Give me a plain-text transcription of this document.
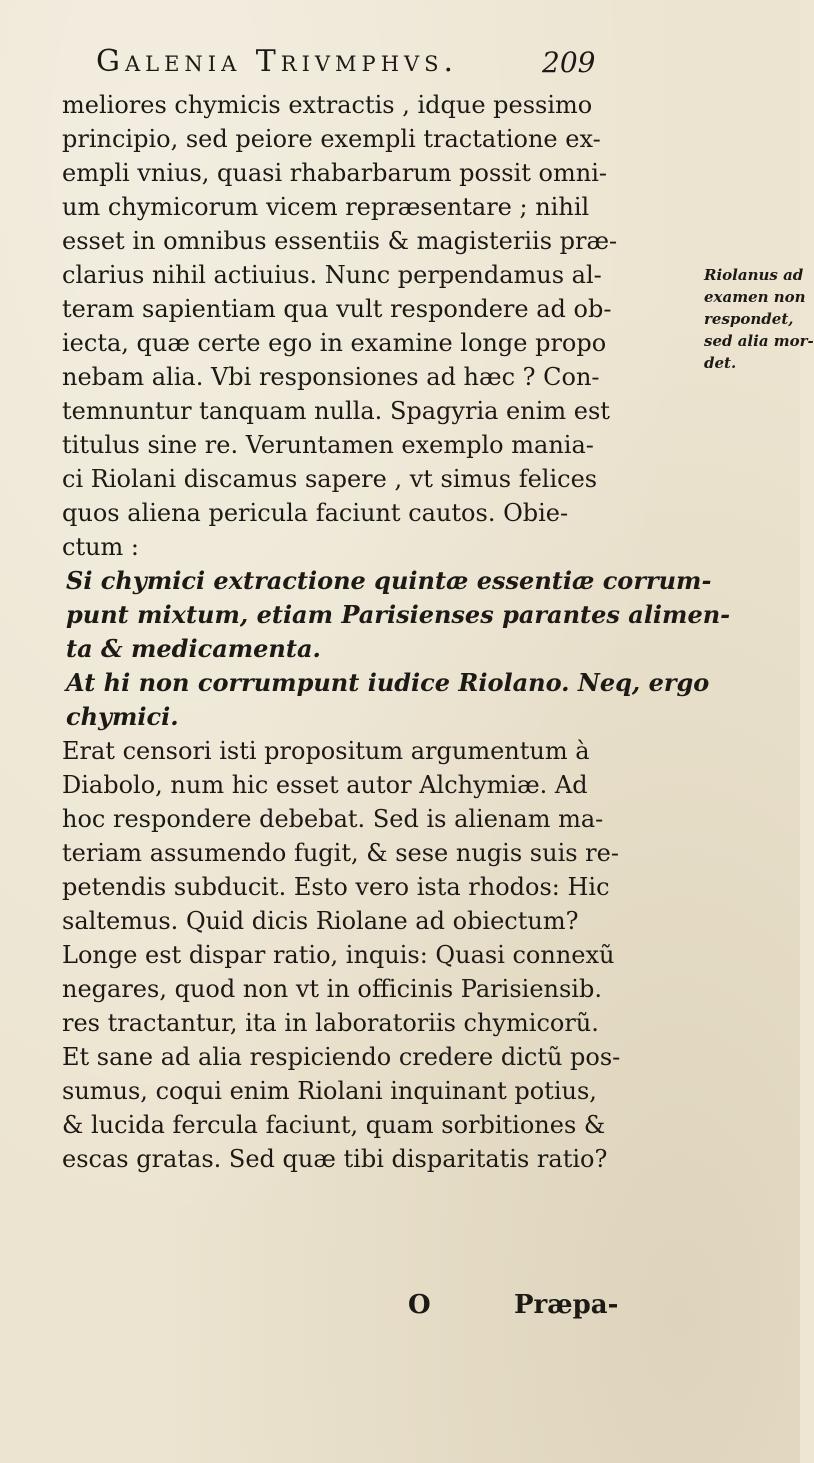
Galenia Trivmphvs.	209
meliores chymicis extractis , idque pessimo
principio, sed peiore exempli tractatione ex-
empli vnius, quasi rhabarbarum possit omni-
um chymicorum vicem repræsentare ; nihil
esset in omnibus essentiis & magisteriis præ-
clarius nihil actiuius. Nunc perpendamus al-
teram sapientiam qua vult respondere ad ob-
iecta, quæ certe ego in examine longe propo
nebam alia. Vbi responsiones ad hæc ? Con-
temnuntur tanquam nulla. Spagyria enim est
titulus sine re. Veruntamen exemplo mania-
ci Riolani discamus sapere , vt simus felices
quos aliena pericula faciunt cautos. Obie-
ctum :
Si chymici extractione quintæ essentiæ corrum-
punt mixtum, etiam Parisienses parantes alimen-
ta & medicamenta.
At hi non corrumpunt iudice Riolano. Neq, ergo
chymici.
Erat censori isti propositum argumentum à
Diabolo, num hic esset autor Alchymiæ. Ad
hoc respondere debebat. Sed is alienam ma-
teriam assumendo fugit, & sese nugis suis re-
petendis subducit. Esto vero ista rhodos: Hic
saltemus. Quid dicis Riolane ad obiectum?
Longe est dispar ratio, inquis: Quasi connexũ
negares, quod non vt in officinis Parisiensib.
res tractantur, ita in laboratoriis chymicorũ.
Et sane ad alia respiciendo credere dictũ pos-
sumus, coqui enim Riolani inquinant potius,
& lucida fercula faciunt, quam sorbitiones &
escas gratas. Sed quæ tibi disparitatis ratio?
Riolanus ad
examen non
respondet,
sed alia mor-
det.
O	Præpa-
